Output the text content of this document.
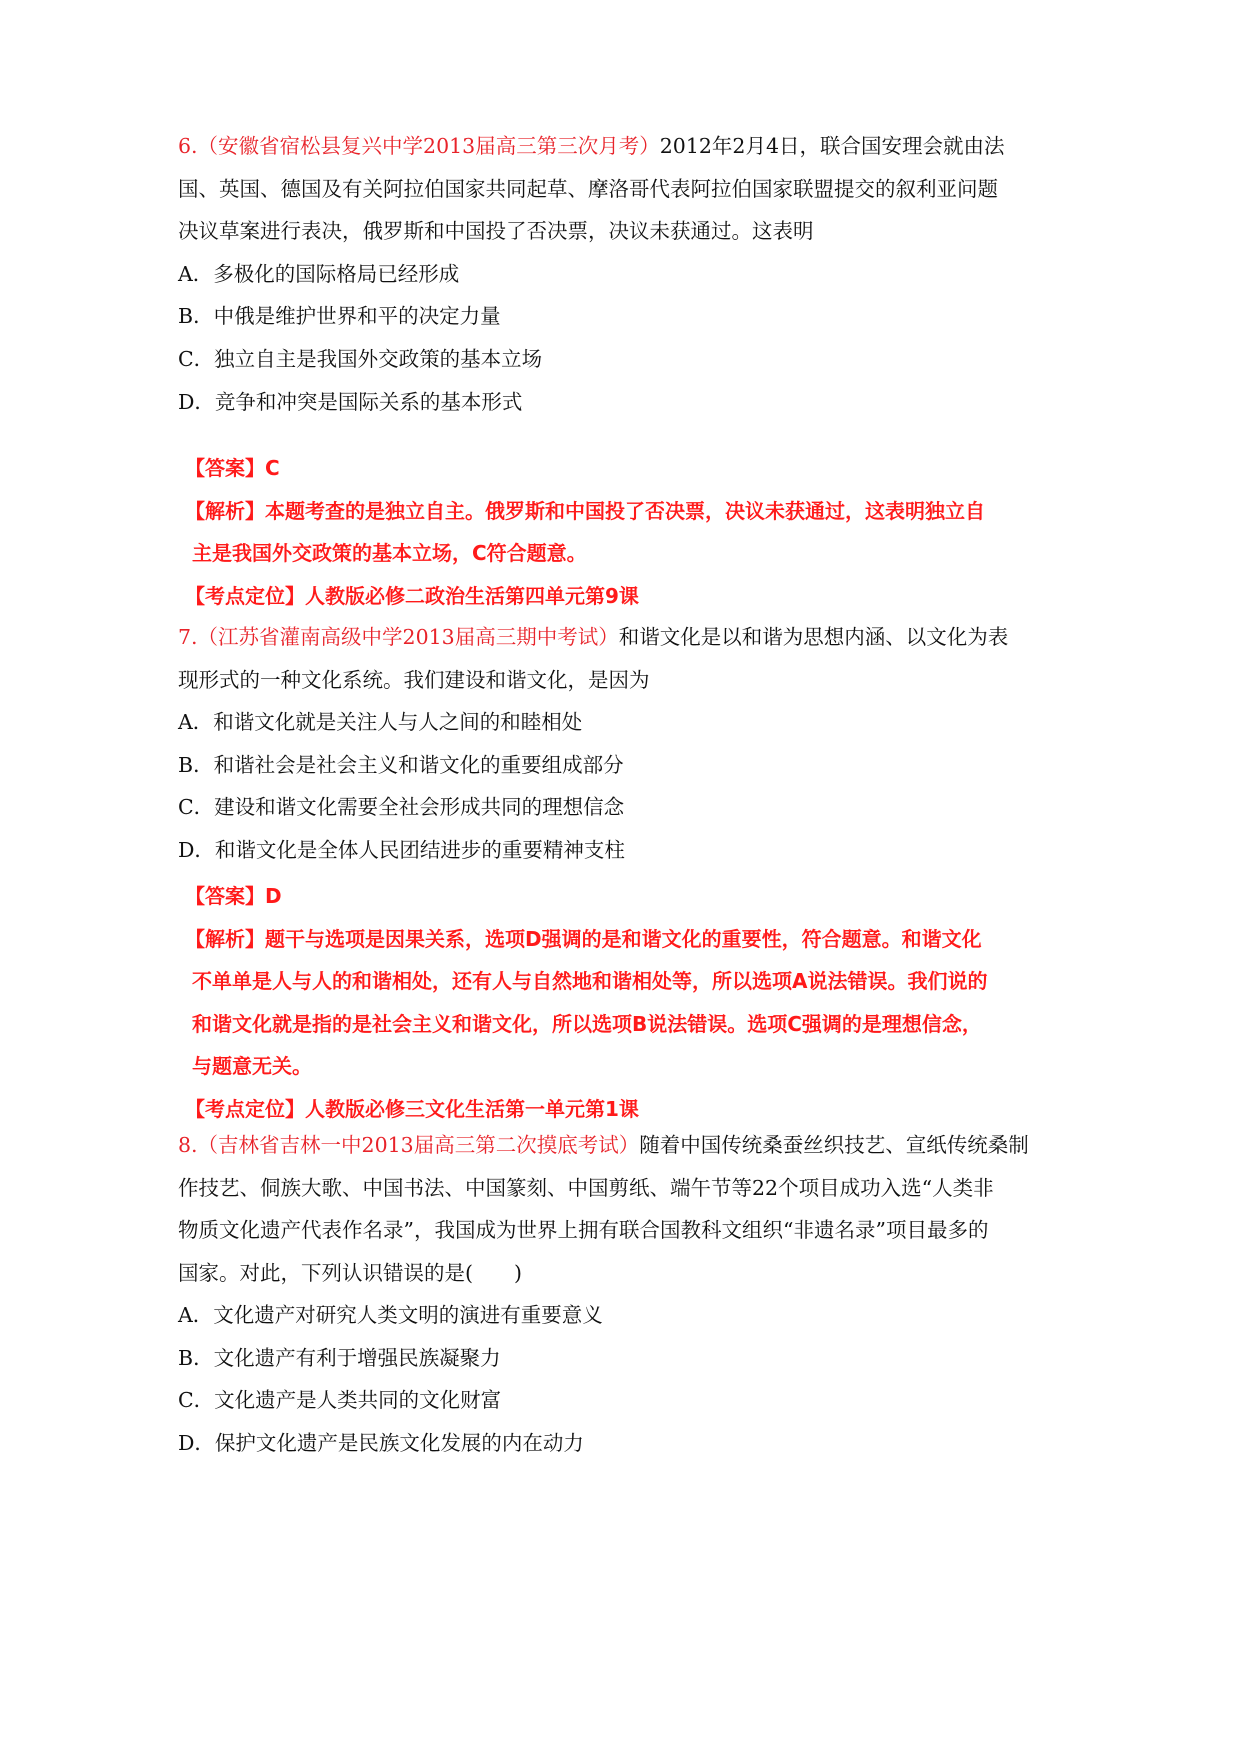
6.（安徽省宿松县复兴中学2013届高三第三次月考）2012年2月4日，联合国安理会就由法
国、英国、德国及有关阿拉伯国家共同起草、摩洛哥代表阿拉伯国家联盟提交的叙利亚问题
决议草案进行表决，俄罗斯和中国投了否决票，决议未获通过。这表明
A．多极化的国际格局已经形成
B．中俄是维护世界和平的决定力量
C．独立自主是我国外交政策的基本立场
D．竞争和冲突是国际关系的基本形式
【答案】C
【解析】本题考查的是独立自主。俄罗斯和中国投了否决票，决议未获通过，这表明独立自
主是我国外交政策的基本立场，C符合题意。
【考点定位】人教版必修二政治生活第四单元第9课
7.（江苏省灌南高级中学2013届高三期中考试）和谐文化是以和谐为思想内涵、以文化为表
现形式的一种文化系统。我们建设和谐文化，是因为
A．和谐文化就是关注人与人之间的和睦相处
B．和谐社会是社会主义和谐文化的重要组成部分
C．建设和谐文化需要全社会形成共同的理想信念
D．和谐文化是全体人民团结进步的重要精神支柱
【答案】D
【解析】题干与选项是因果关系，选项D强调的是和谐文化的重要性，符合题意。和谐文化
不单单是人与人的和谐相处，还有人与自然地和谐相处等，所以选项A说法错误。我们说的
和谐文化就是指的是社会主义和谐文化，所以选项B说法错误。选项C强调的是理想信念，
与题意无关。
【考点定位】人教版必修三文化生活第一单元第1课
8.（吉林省吉林一中2013届高三第二次摸底考试）随着中国传统桑蚕丝织技艺、宣纸传统桑制
作技艺、侗族大歌、中国书法、中国篆刻、中国剪纸、端午节等22个项目成功入选“人类非
物质文化遗产代表作名录”，我国成为世界上拥有联合国教科文组织“非遗名录”项目最多的
国家。对此，下列认识错误的是(　　)
A．文化遗产对研究人类文明的演进有重要意义
B．文化遗产有利于增强民族凝聚力
C．文化遗产是人类共同的文化财富
D．保护文化遗产是民族文化发展的内在动力
